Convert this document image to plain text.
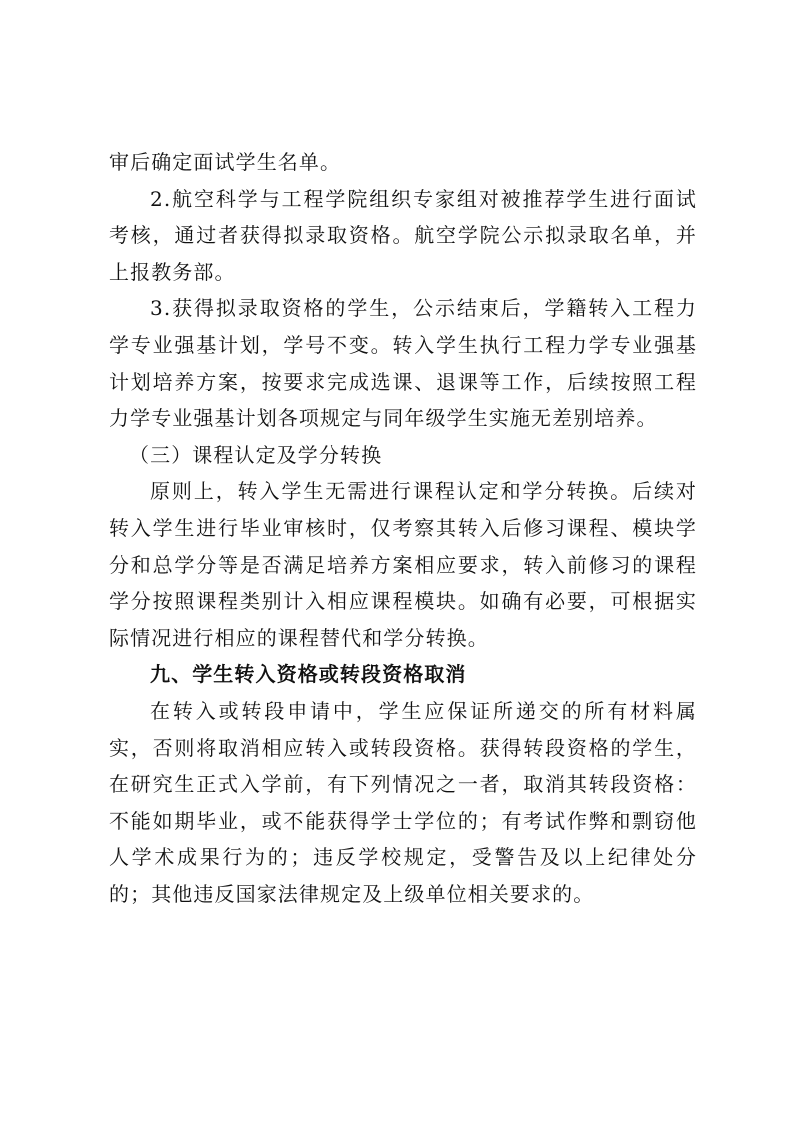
审后确定面试学生名单。

2.航空科学与工程学院组织专家组对被推荐学生进行面试考核，通过者获得拟录取资格。航空学院公示拟录取名单，并上报教务部。

3.获得拟录取资格的学生，公示结束后，学籍转入工程力学专业强基计划，学号不变。转入学生执行工程力学专业强基计划培养方案，按要求完成选课、退课等工作，后续按照工程力学专业强基计划各项规定与同年级学生实施无差别培养。

（三）课程认定及学分转换

原则上，转入学生无需进行课程认定和学分转换。后续对转入学生进行毕业审核时，仅考察其转入后修习课程、模块学分和总学分等是否满足培养方案相应要求，转入前修习的课程学分按照课程类别计入相应课程模块。如确有必要，可根据实际情况进行相应的课程替代和学分转换。

九、学生转入资格或转段资格取消

在转入或转段申请中，学生应保证所递交的所有材料属实，否则将取消相应转入或转段资格。获得转段资格的学生，在研究生正式入学前，有下列情况之一者，取消其转段资格：不能如期毕业，或不能获得学士学位的；有考试作弊和剽窃他人学术成果行为的；违反学校规定，受警告及以上纪律处分的；其他违反国家法律规定及上级单位相关要求的。
